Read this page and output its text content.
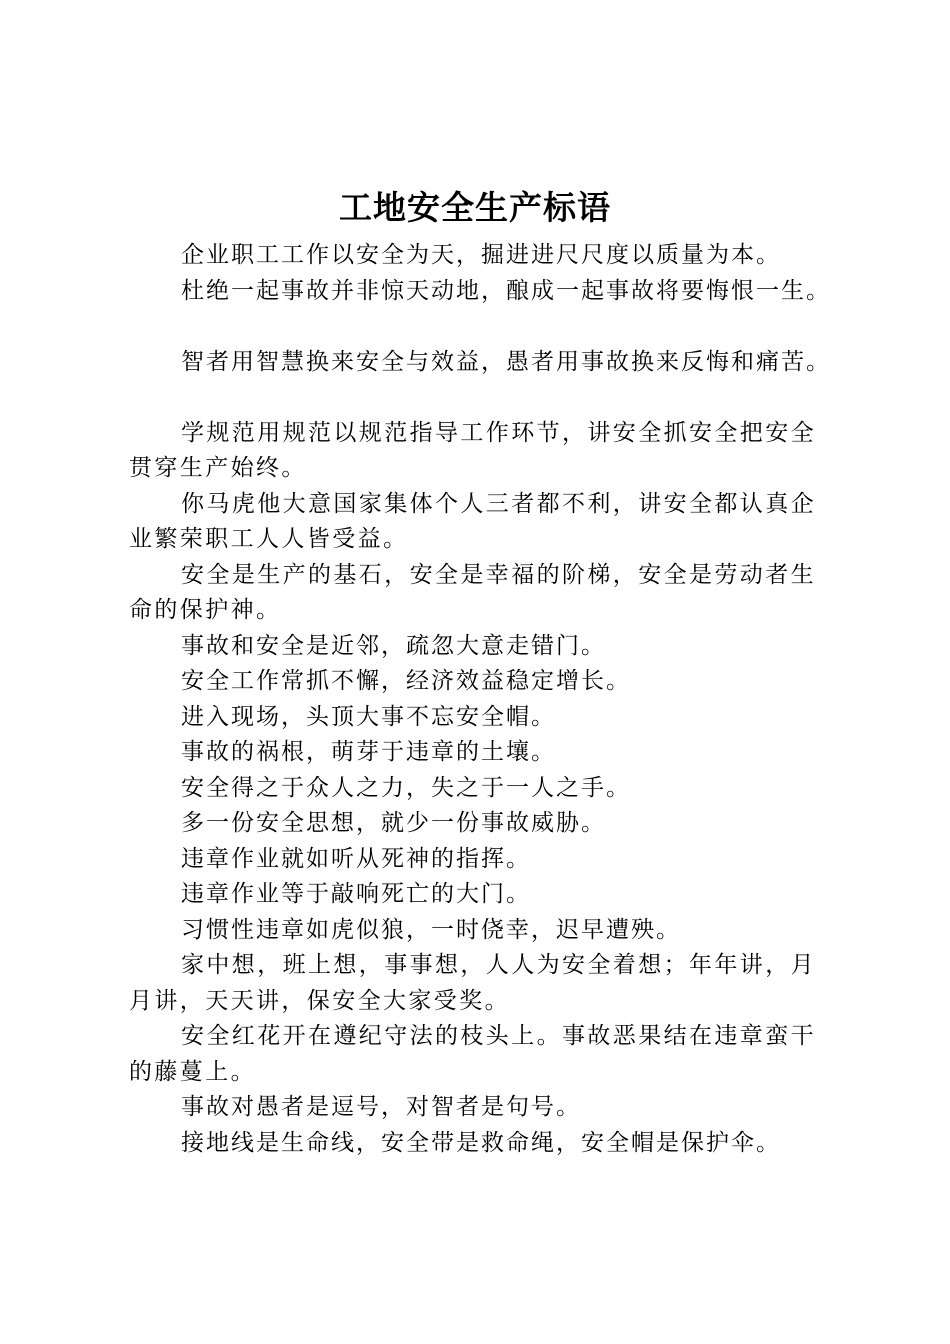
工地安全生产标语

企业职工工作以安全为天，掘进进尺尺度以质量为本。

杜绝一起事故并非惊天动地，酿成一起事故将要悔恨一生。

智者用智慧换来安全与效益，愚者用事故换来反悔和痛苦。

学规范用规范以规范指导工作环节，讲安全抓安全把安全贯穿生产始终。

你马虎他大意国家集体个人三者都不利，讲安全都认真企业繁荣职工人人皆受益。

安全是生产的基石，安全是幸福的阶梯，安全是劳动者生命的保护神。

事故和安全是近邻，疏忽大意走错门。

安全工作常抓不懈，经济效益稳定增长。

进入现场，头顶大事不忘安全帽。

事故的祸根，萌芽于违章的土壤。

安全得之于众人之力，失之于一人之手。

多一份安全思想，就少一份事故威胁。

违章作业就如听从死神的指挥。

违章作业等于敲响死亡的大门。

习惯性违章如虎似狼，一时侥幸，迟早遭殃。

家中想，班上想，事事想，人人为安全着想；年年讲，月月讲，天天讲，保安全大家受奖。

安全红花开在遵纪守法的枝头上。事故恶果结在违章蛮干的藤蔓上。

事故对愚者是逗号，对智者是句号。

接地线是生命线，安全带是救命绳，安全帽是保护伞。
